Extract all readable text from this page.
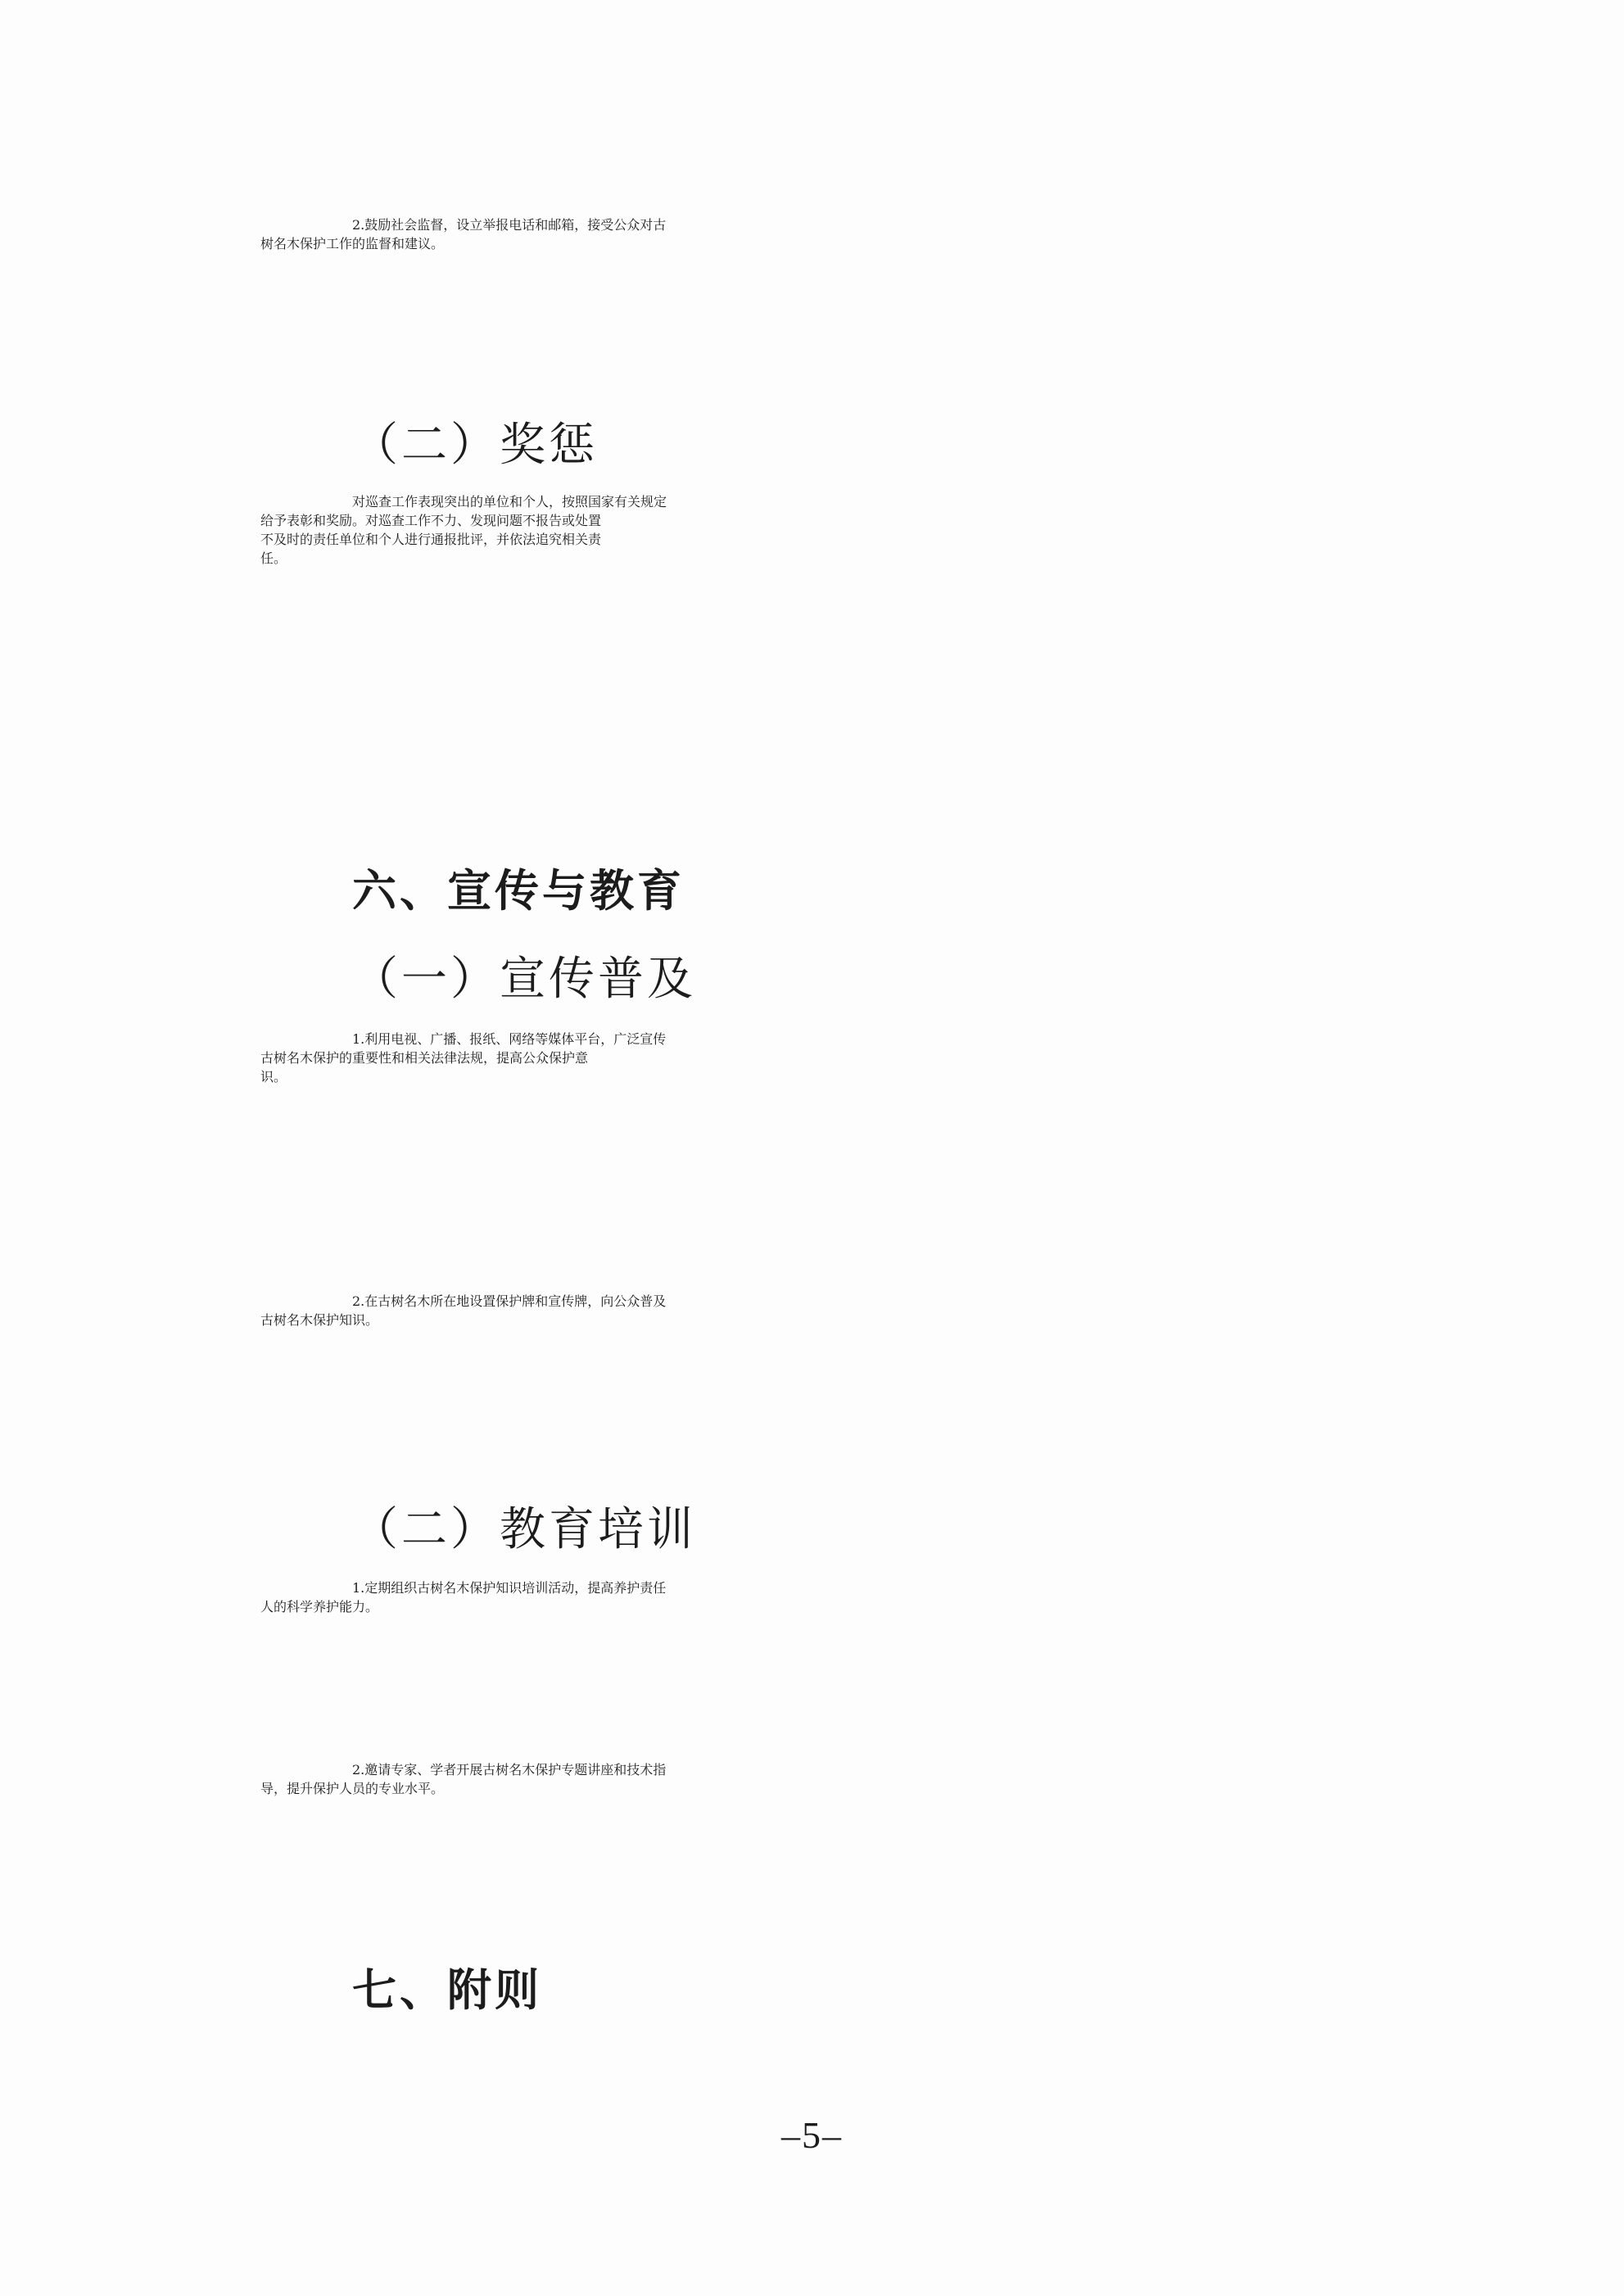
2.鼓励社会监督，设立举报电话和邮箱，接受公众对古
树名木保护工作的监督和建议。
（二）奖惩
对巡查工作表现突出的单位和个人，按照国家有关规定
给予表彰和奖励。对巡查工作不力、发现问题不报告或处置
不及时的责任单位和个人进行通报批评，并依法追究相关责
任。
六、宣传与教育
（一）宣传普及
1.利用电视、广播、报纸、网络等媒体平台，广泛宣传
古树名木保护的重要性和相关法律法规，提高公众保护意
识。
2.在古树名木所在地设置保护牌和宣传牌，向公众普及
古树名木保护知识。
（二）教育培训
1.定期组织古树名木保护知识培训活动，提高养护责任
人的科学养护能力。
2.邀请专家、学者开展古树名木保护专题讲座和技术指
导，提升保护人员的专业水平。
七、附则
–5–
